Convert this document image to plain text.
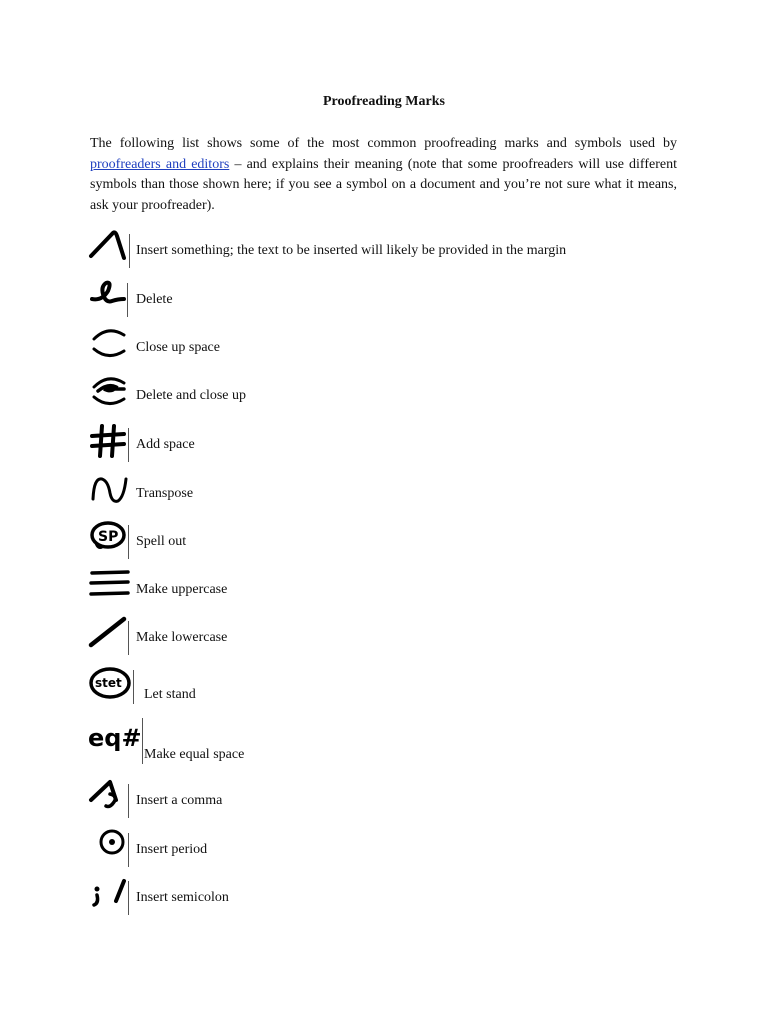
Proofreading Marks

The following list shows some of the most common proofreading marks and symbols used by proofreaders and editors – and explains their meaning (note that some proofreaders will use different symbols than those shown here; if you see a symbol on a document and you’re not sure what it means, ask your proofreader).

Insert something; the text to be inserted will likely be provided in the margin
Delete
Close up space
Delete and close up
Add space
Transpose
SP Spell out
Make uppercase
Make lowercase
stet
Let stand
eq#
Make equal space
Insert a comma
Insert period
Insert semicolon
